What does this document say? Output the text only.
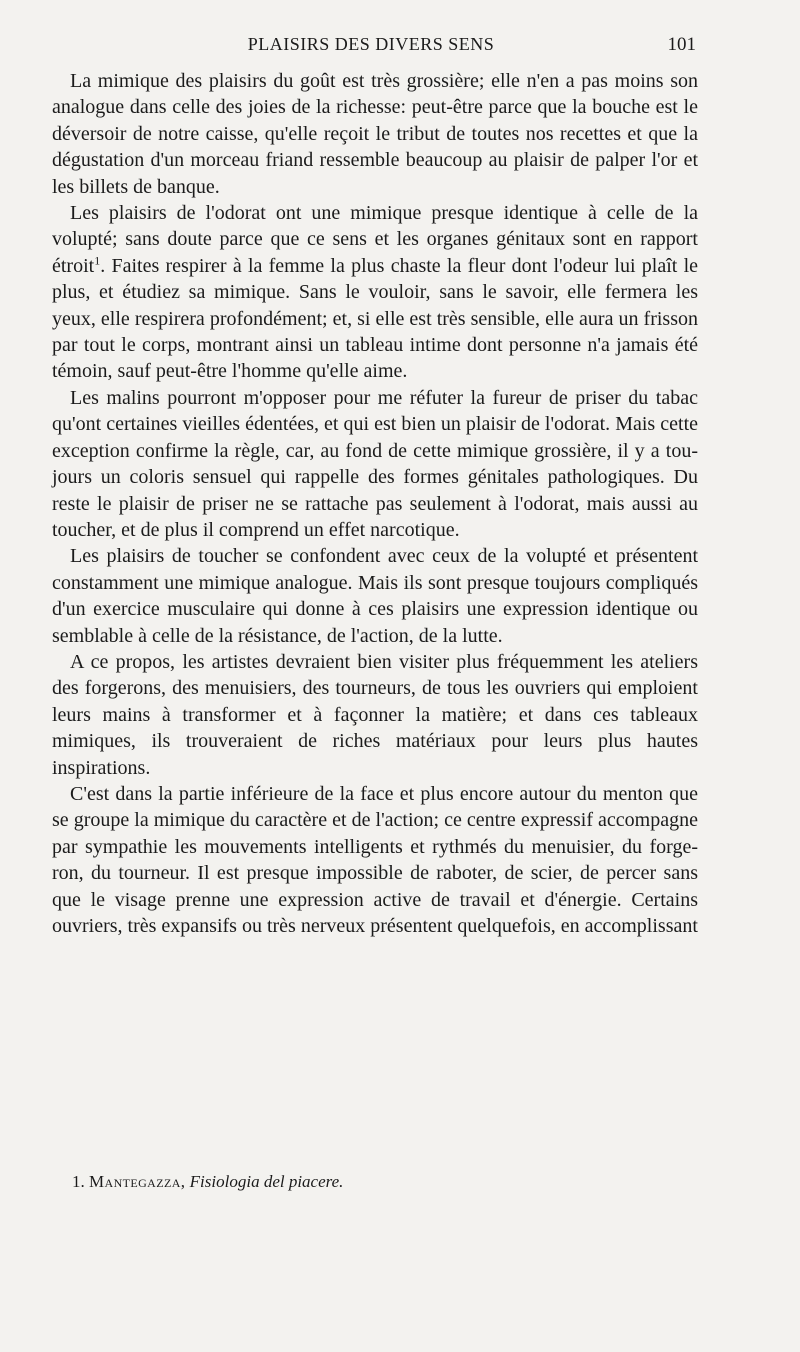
PLAISIRS DES DIVERS SENS	101

La mimique des plaisirs du goût est très grossière; elle n'en a pas moins son analogue dans celle des joies de la richesse: peut-être parce que la bouche est le déversoir de notre caisse, qu'elle reçoit le tribut de toutes nos recettes et que la dégustation d'un morceau friand ressemble beaucoup au plaisir de palper l'or et les billets de banque.

Les plaisirs de l'odorat ont une mimique presque identique à celle de la volupté; sans doute parce que ce sens et les organes génitaux sont en rapport étroit$^1$. Faites respirer à la femme la plus chaste la fleur dont l'odeur lui plaît le plus, et étudiez sa mimique. Sans le vouloir, sans le savoir, elle fermera les yeux, elle respirera profondément; et, si elle est très sensible, elle aura un frisson par tout le corps, montrant ainsi un tableau intime dont personne n'a jamais été témoin, sauf peut-être l'homme qu'elle aime.

Les malins pourront m'opposer pour me réfuter la fureur de priser du tabac qu'ont certaines vieilles édentées, et qui est bien un plaisir de l'odorat. Mais cette exception confirme la règle, car, au fond de cette mimique grossière, il y a toujours un coloris sensuel qui rappelle des formes génitales pathologiques. Du reste le plaisir de priser ne se rattache pas seulement à l'odorat, mais aussi au toucher, et de plus il comprend un effet narcotique.

Les plaisirs de toucher se confondent avec ceux de la volupté et présentent constamment une mimique analogue. Mais ils sont presque toujours compliqués d'un exercice musculaire qui donne à ces plaisirs une expression identique ou semblable à celle de la résistance, de l'action, de la lutte.

A ce propos, les artistes devraient bien visiter plus fréquemment les ateliers des forgerons, des menuisiers, des tourneurs, de tous les ouvriers qui emploient leurs mains à transformer et à façonner la matière; et dans ces tableaux mimiques, ils trouveraient de riches matériaux pour leurs plus hautes inspirations.

C'est dans la partie inférieure de la face et plus encore autour du menton que se groupe la mimique du caractère et de l'action; ce centre expressif accompagne par sympathie les mouvements intelligents et rythmés du menuisier, du forgeron, du tourneur. Il est presque impossible de raboter, de scier, de percer sans que le visage prenne une expression active de travail et d'énergie. Certains ouvriers, très expansifs ou très nerveux présentent quelquefois, en accomplissant

1. Mantegazza, Fisiologia del piacere.
